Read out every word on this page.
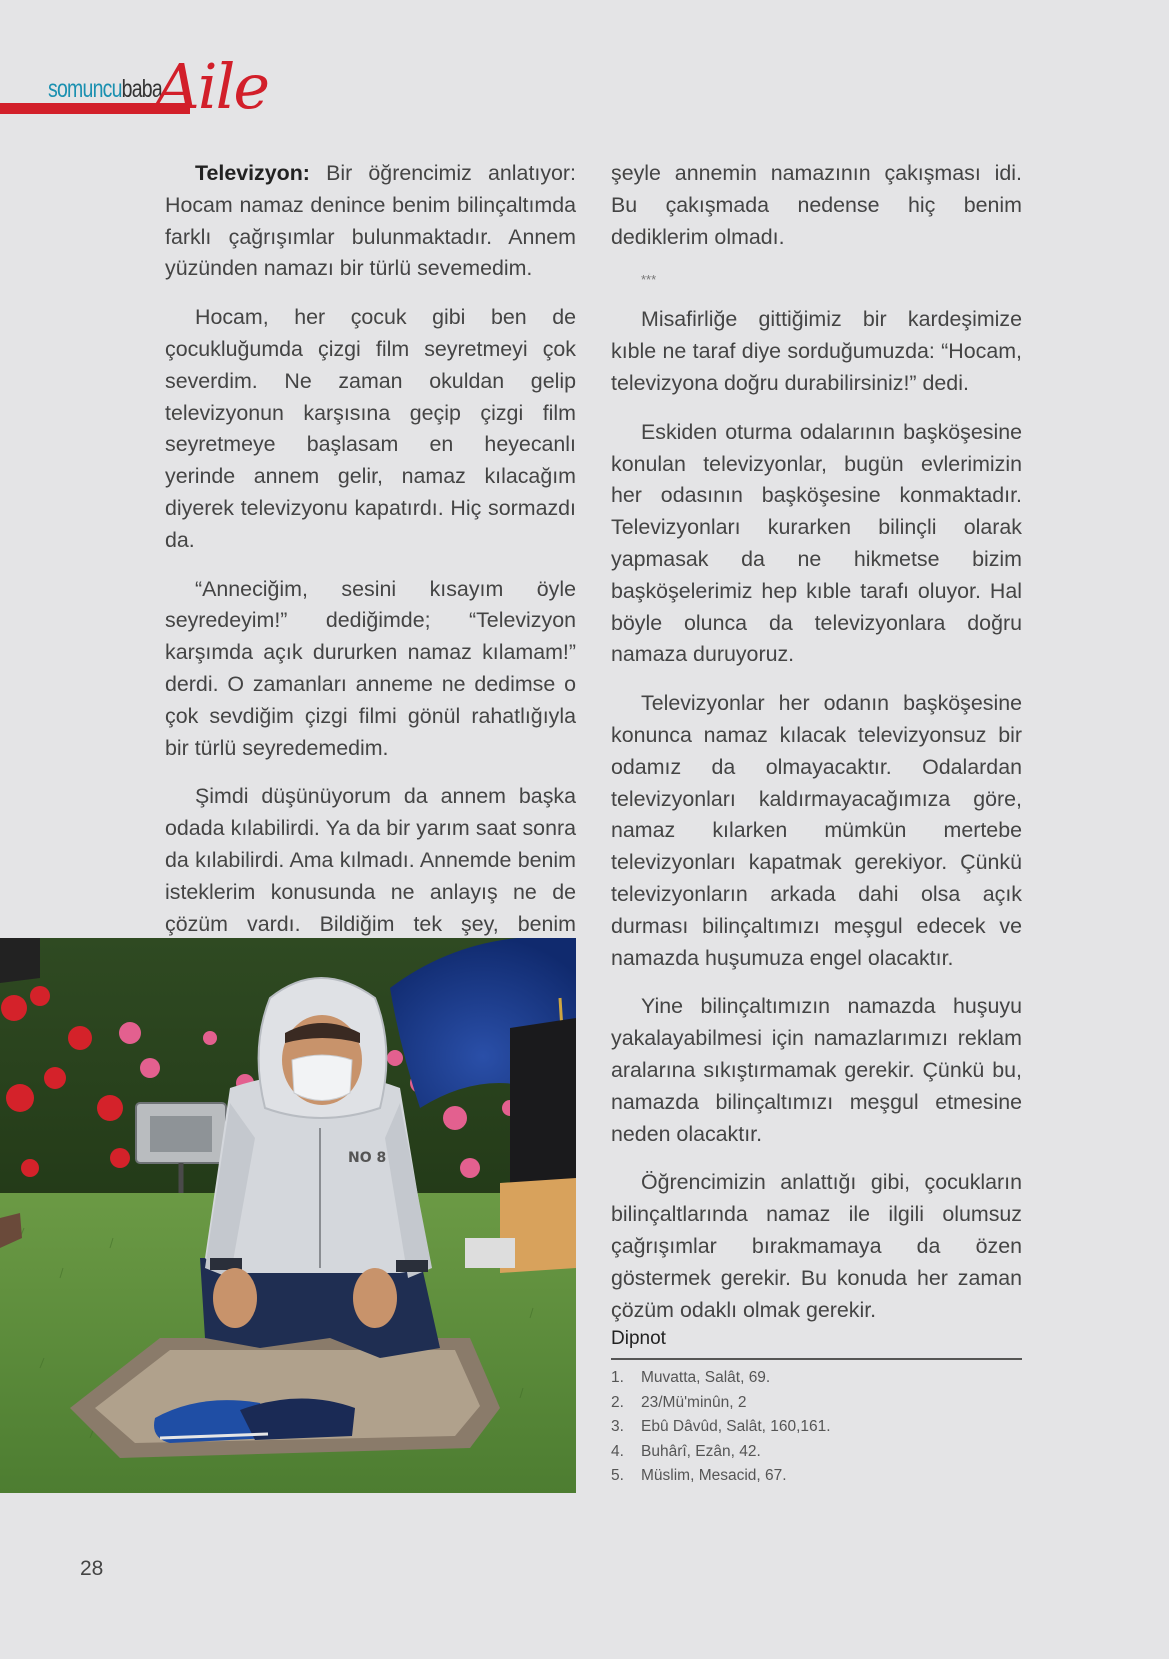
somuncubaba
Aile

Televizyon: Bir öğrencimiz anlatıyor: Hocam namaz denince benim bilinçaltımda farklı çağrışımlar bulunmaktadır. Annem yüzünden namazı bir türlü sevemedim.

Hocam, her çocuk gibi ben de çocukluğumda çizgi film seyretmeyi çok severdim. Ne zaman okuldan gelip televizyonun karşısına geçip çizgi film seyretmeye başlasam en heyecanlı yerinde annem gelir, namaz kılacağım diyerek televizyonu kapatırdı. Hiç sormazdı da.

“Anneciğim, sesini kısayım öyle seyredeyim!” dediğimde; “Televizyon karşımda açık dururken namaz kılamam!” derdi. O zamanları anneme ne dedimse o çok sevdiğim çizgi filmi gönül rahatlığıyla bir türlü seyredemedim.

Şimdi düşünüyorum da annem başka odada kılabilirdi. Ya da bir yarım saat sonra da kılabilirdi. Ama kılmadı. Annemde benim isteklerim konusunda ne anlayış ne de çözüm vardı. Bildiğim tek şey, benim

şeyle annemin namazının çakışması idi. Bu çakışmada nedense hiç benim dediklerim olmadı.

***

Misafirliğe gittiğimiz bir kardeşimize kıble ne taraf diye sorduğumuzda: “Hocam, televizyona doğru durabilirsiniz!” dedi.

Eskiden oturma odalarının başköşesine konulan televizyonlar, bugün evlerimizin her odasının başköşesine konmaktadır. Televizyonları kurarken bilinçli olarak yapmasak da ne hikmetse bizim başköşelerimiz hep kıble tarafı oluyor. Hal böyle olunca da televizyonlara doğru namaza duruyoruz.

Televizyonlar her odanın başköşesine konunca namaz kılacak televizyonsuz bir odamız da olmayacaktır. Odalardan televizyonları kaldırmayacağımıza göre, namaz kılarken mümkün mertebe televizyonları kapatmak gerekiyor. Çünkü televizyonların arkada dahi olsa açık durması bilinçaltımızı meşgul edecek ve namazda huşumuza engel olacaktır.

Yine bilinçaltımızın namazda huşuyu yakalayabilmesi için namazlarımızı reklam aralarına sıkıştırmamak gerekir. Çünkü bu, namazda bilinçaltımızı meşgul etmesine neden olacaktır.

Öğrencimizin anlattığı gibi, çocukların bilinçaltlarında namaz ile ilgili olumsuz çağrışımlar bırakmamaya da özen göstermek gerekir. Bu konuda her zaman çözüm odaklı olmak gerekir.

Dipnot
1.	Muvatta, Salât, 69.
2.	23/Mü'minûn, 2
3.	Ebû Dâvûd, Salât, 160,161.
4.	Buhârî, Ezân, 42.
5.	Müslim, Mesacid, 67.
NO 8
28
